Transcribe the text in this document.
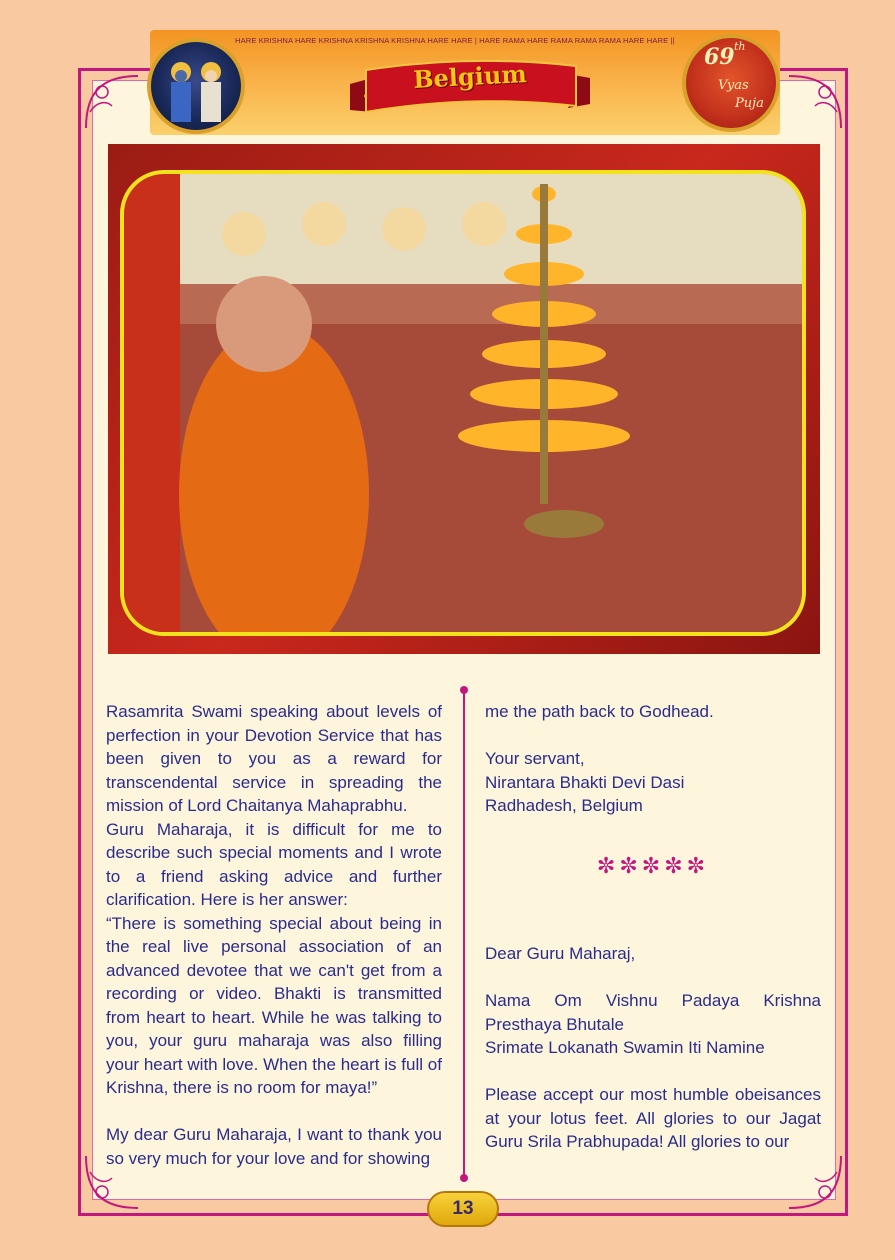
HARE KRISHNA HARE KRISHNA KRISHNA KRISHNA HARE HARE | HARE RAMA HARE RAMA RAMA RAMA HARE HARE ||
Belgium
69 th
Vyas
Puja

Rasamrita Swami speaking about levels of perfection in your Devotion Service that has been given to you as a reward for transcendental service in spreading the mission of Lord Chaitanya Mahaprabhu.

Guru Maharaja, it is difficult for me to describe such special moments and I wrote to a friend asking advice and further clarification. Here is her answer:

“There is something special about being in the real live personal association of an advanced devotee that we can't get from a recording or video. Bhakti is transmitted from heart to heart. While he was talking to you, your guru maharaja was also filling your heart with love. When the heart is full of Krishna, there is no room for maya!”

My dear Guru Maharaja, I want to thank you so very much for your love and for showing

me the path back to Godhead.

Your servant,

Nirantara Bhakti Devi Dasi

Radhadesh, Belgium

✼✼✼✼✼

Dear Guru Maharaj,

Nama Om Vishnu Padaya Krishna Presthaya Bhutale

Srimate Lokanath Swamin Iti Namine

Please accept our most humble obeisances at your lotus feet. All glories to our Jagat Guru Srila Prabhupada! All glories to our

13
